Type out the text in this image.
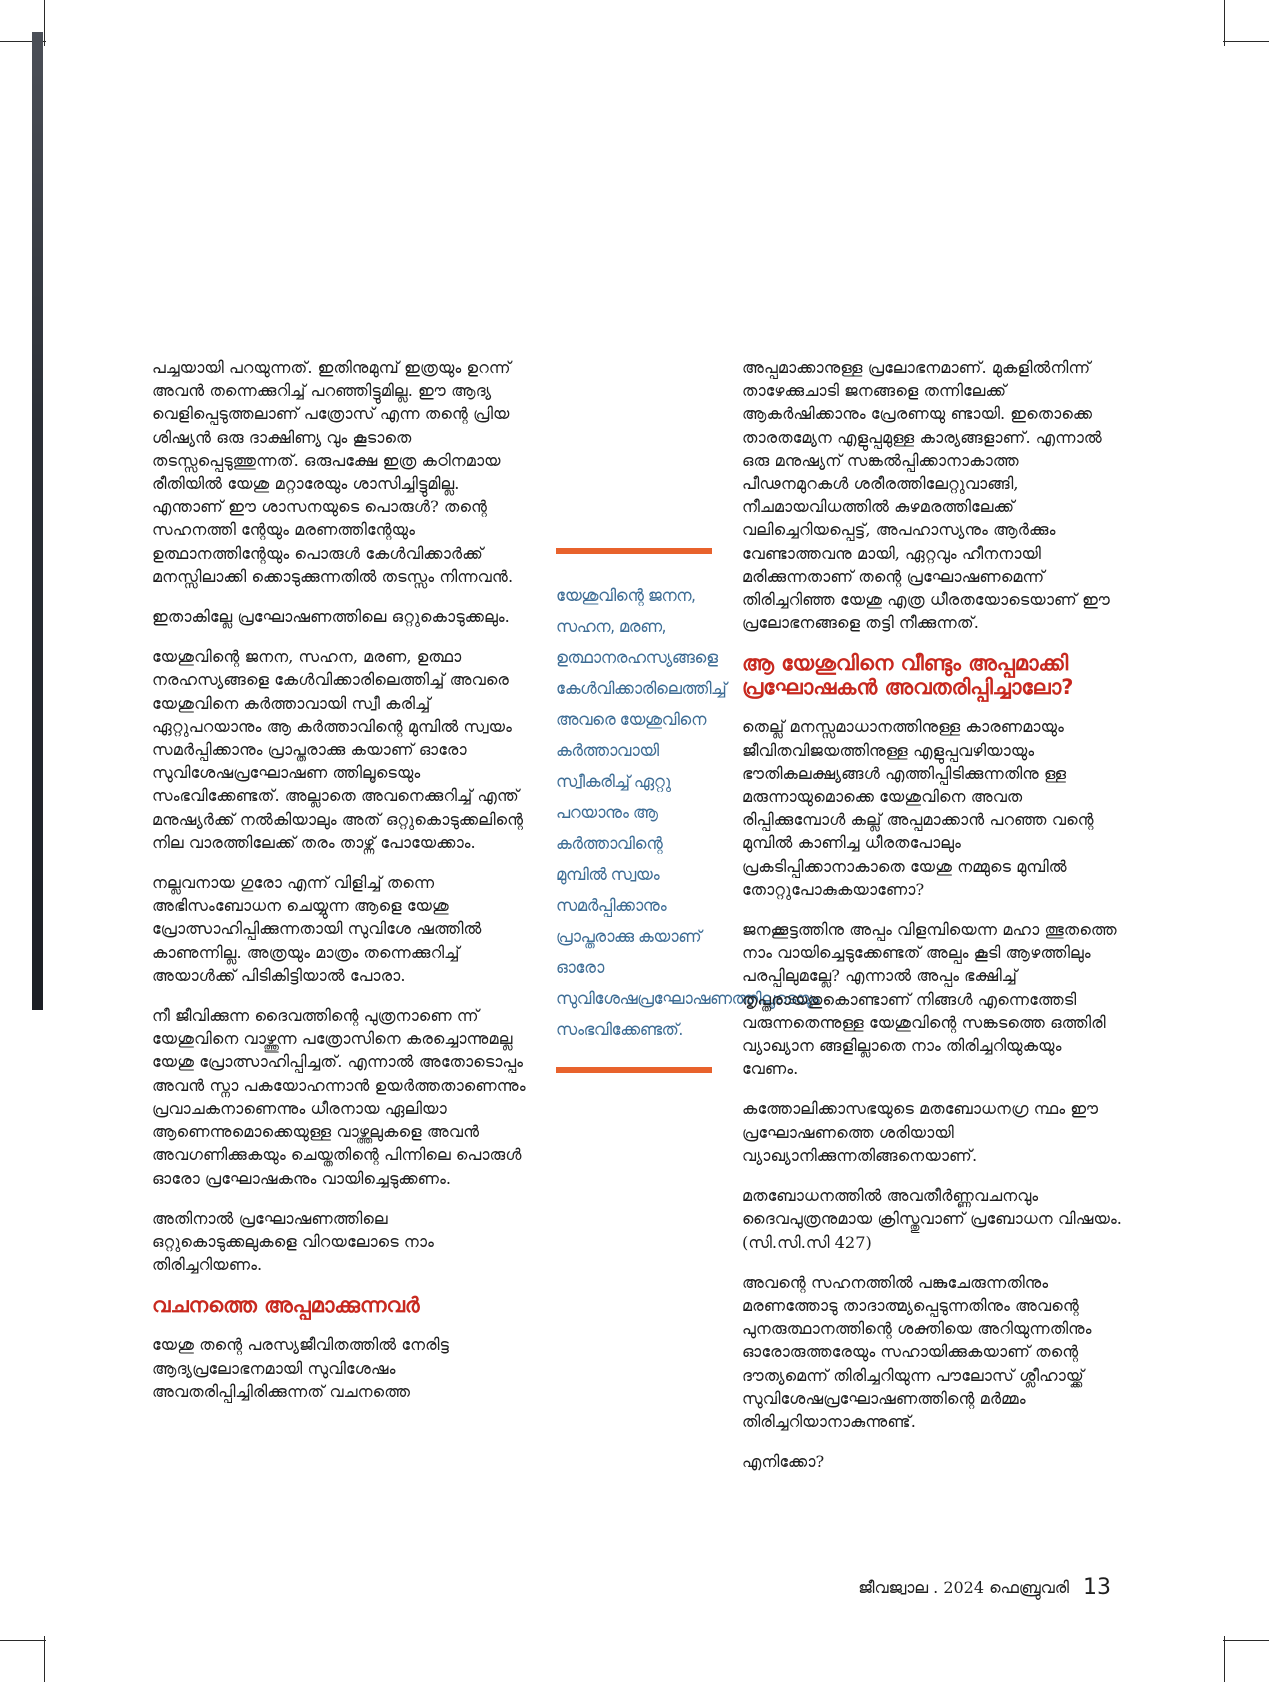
പച്ചയായി പറയുന്നത്. ഇതിനുമുമ്പ് ഇത്രയും ഉറന്ന് അവൻ തന്നെക്കുറിച്ച് പറഞ്ഞിട്ടുമില്ല. ഈ ആദ്യ വെളിപ്പെടുത്തലാണ് പത്രോസ് എന്ന തന്റെ പ്രിയ ശിഷ്യൻ ഒരു ദാക്ഷിണ്യ വും കൂടാതെ തടസ്സപ്പെടുത്തുന്നത്. ഒരുപക്ഷേ ഇത്ര കഠിനമായ രീതിയിൽ യേശു മറ്റാരേയും ശാസിച്ചിട്ടുമില്ല. എന്താണ് ഈ ശാസനയുടെ പൊരുൾ? തന്റെ സഹനത്തി ന്റേയും മരണത്തിന്റേയും ഉത്ഥാനത്തിന്റേയും പൊരുൾ കേൾവിക്കാർക്ക് മനസ്സിലാക്കി ക്കൊടുക്കുന്നതിൽ തടസ്സം നിന്നവൻ.

ഇതാകില്ലേ പ്രഘോഷണത്തിലെ ഒറ്റുകൊടുക്കലും.

യേശുവിന്റെ ജനന, സഹന, മരണ, ഉത്ഥാ നരഹസ്യങ്ങളെ കേൾവിക്കാരിലെത്തിച്ച് അവരെ യേശുവിനെ കർത്താവായി സ്വീ കരിച്ച് ഏറ്റുപറയാനും ആ കർത്താവിന്റെ മുമ്പിൽ സ്വയം സമർപ്പിക്കാനും പ്രാപ്തരാക്കു കയാണ് ഓരോ സുവിശേഷപ്രഘോഷണ ത്തിലൂടെയും സംഭവിക്കേണ്ടത്. അല്ലാതെ അവനെക്കുറിച്ച് എന്ത് മനുഷ്യർക്ക് നൽകിയാലും അത് ഒറ്റുകൊടുക്കലിന്റെ നില വാരത്തിലേക്ക് തരം താഴ്ന്ന് പോയേക്കാം.

നല്ലവനായ ഗുരോ എന്ന് വിളിച്ച് തന്നെ അഭിസംബോധന ചെയ്യുന്ന ആളെ യേശു പ്രോത്സാഹിപ്പിക്കുന്നതായി സുവിശേ ഷത്തിൽ കാണുന്നില്ല. അത്രയും മാത്രം തന്നെക്കുറിച്ച് അയാൾക്ക് പിടികിട്ടിയാൽ പോരാ.

നീ ജീവിക്കുന്ന ദൈവത്തിന്റെ പുത്രനാണെ ന്ന് യേശുവിനെ വാഴ്ത്തുന്ന പത്രോസിനെ കരച്ചൊന്നുമല്ല യേശു പ്രോത്സാഹിപ്പിച്ചത്. എന്നാൽ അതോടൊപ്പം അവൻ സ്നാ പകയോഹന്നാൻ ഉയർത്തതാണെന്നും പ്രവാചകനാണെന്നും ധീരനായ ഏലിയാ ആണെന്നുമൊക്കെയുള്ള വാഴ്ത്തലുകളെ അവൻ അവഗണിക്കുകയും ചെയ്തതിന്റെ പിന്നിലെ പൊരുൾ ഓരോ പ്രഘോഷകനും വായിച്ചെടുക്കണം.

അതിനാൽ പ്രഘോഷണത്തിലെ ഒറ്റുകൊടുക്കലുകളെ വിറയലോടെ നാം തിരിച്ചറിയണം.

വചനത്തെ അപ്പമാക്കുന്നവർ

യേശു തന്റെ പരസ്യജീവിതത്തിൽ നേരിട്ട ആദ്യപ്രലോഭനമായി സുവിശേഷം അവതരിപ്പിച്ചിരിക്കുന്നത് വചനത്തെ

യേശുവിന്റെ ജനന, സഹന, മരണ, ഉത്ഥാനരഹസ്യങ്ങളെ കേൾവിക്കാരിലെത്തിച്ച് അവരെ യേശുവിനെ കർത്താവായി സ്വീകരിച്ച് ഏറ്റു പറയാനും ആ കർത്താവിന്റെ മുമ്പിൽ സ്വയം സമർപ്പിക്കാനും പ്രാപ്തരാക്കു കയാണ് ഓരോ സുവിശേഷപ്രഘോഷണത്തിലൂടെയും സംഭവിക്കേണ്ടത്.

അപ്പമാക്കാനുള്ള പ്രലോഭനമാണ്. മുകളിൽനിന്ന് താഴേക്കുചാടി ജനങ്ങളെ തന്നിലേക്ക് ആകർഷിക്കാനും പ്രേരണയു ണ്ടായി. ഇതൊക്കെ താരതമ്യേന എളുപ്പമുള്ള കാര്യങ്ങളാണ്. എന്നാൽ ഒരു മനുഷ്യന് സങ്കൽപ്പിക്കാനാകാത്ത പീഢനമുറകൾ ശരീരത്തിലേറ്റുവാങ്ങി, നീചമായവിധത്തിൽ കുഴമരത്തിലേക്ക് വലിച്ചെറിയപ്പെട്ട്, അപഹാസ്യനും ആർക്കും വേണ്ടാത്തവനു മായി, ഏറ്റവും ഹീനനായി മരിക്കുന്നതാണ് തന്റെ പ്രഘോഷണമെന്ന് തിരിച്ചറിഞ്ഞ യേശു എത്ര ധീരതയോടെയാണ് ഈ പ്രലോഭനങ്ങളെ തട്ടി നീക്കുന്നത്.

ആ യേശുവിനെ വീണ്ടും അപ്പമാക്കി പ്രഘോഷകൻ അവതരിപ്പിച്ചാലോ?

തെല്ല് മനസ്സമാധാനത്തിനുള്ള കാരണമായും ജീവിതവിജയത്തിനുള്ള എളുപ്പവഴിയായും ഭൗതികലക്ഷ്യങ്ങൾ എത്തിപ്പിടിക്കുന്നതിനു ള്ള മരുന്നായുമൊക്കെ യേശുവിനെ അവത രിപ്പിക്കുമ്പോൾ കല്ല് അപ്പമാക്കാൻ പറഞ്ഞ വന്റെ മുമ്പിൽ കാണിച്ച ധീരതപോലും പ്രകടിപ്പിക്കാനാകാതെ യേശു നമ്മുടെ മുമ്പിൽ തോറ്റുപോകുകയാണോ?

ജനക്കൂട്ടത്തിനു അപ്പം വിളമ്പിയെന്ന മഹാ ത്ഭുതത്തെ നാം വായിച്ചെടുക്കേണ്ടത് അല്പം കൂടി ആഴത്തിലും പരപ്പിലുമല്ലേ? എന്നാൽ അപ്പം ഭക്ഷിച്ച് തൃപ്തരായതുകൊണ്ടാണ് നിങ്ങൾ എന്നെത്തേടി വരുന്നതെന്നുള്ള യേശുവിന്റെ സങ്കടത്തെ ഒത്തിരി വ്യാഖ്യാന ങ്ങളില്ലാതെ നാം തിരിച്ചറിയുകയും വേണം.

കത്തോലിക്കാസഭയുടെ മതബോധനഗ്ര ന്ഥം ഈ പ്രഘോഷണത്തെ ശരിയായി വ്യാഖ്യാനിക്കുന്നതിങ്ങനെയാണ്.

മതബോധനത്തിൽ അവതീർണ്ണവചനവും ദൈവപുത്രനുമായ ക്രിസ്തുവാണ് പ്രബോധന വിഷയം. (സി.സി.സി 427)

അവന്റെ സഹനത്തിൽ പങ്കുചേരുന്നതിനും മരണത്തോടു താദാത്മ്യപ്പെടുന്നതിനും അവന്റെ പുനരുത്ഥാനത്തിന്റെ ശക്തിയെ അറിയുന്നതിനും ഓരോരുത്തരേയും സഹായിക്കുകയാണ് തന്റെ ദൗത്യമെന്ന് തിരിച്ചറിയുന്ന പൗലോസ് ശ്ലീഹായ്ക്ക് സുവിശേഷപ്രഘോഷണത്തിന്റെ മർമ്മം തിരിച്ചറിയാനാകുന്നുണ്ട്.

എനിക്കോ?

ജീവജ്വാല . 2024 ഫെബ്രുവരി 13
